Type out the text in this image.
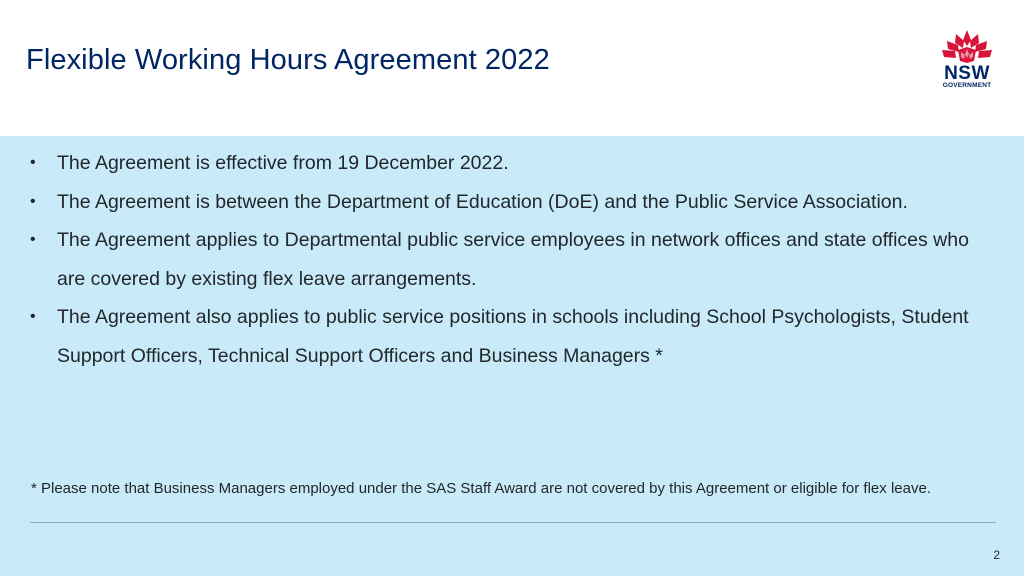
Flexible Working Hours Agreement 2022	NSW
GOVERNMENT
• The Agreement is effective from 19 December 2022.
• The Agreement is between the Department of Education (DoE) and the Public Service Association.
• The Agreement applies to Departmental public service employees in network offices and state offices who are covered by existing flex leave arrangements.
• The Agreement also applies to public service positions in schools including School Psychologists, Student Support Officers, Technical Support Officers and Business Managers *

* Please note that Business Managers employed under the SAS Staff Award are not covered by this Agreement or eligible for flex leave.

2
